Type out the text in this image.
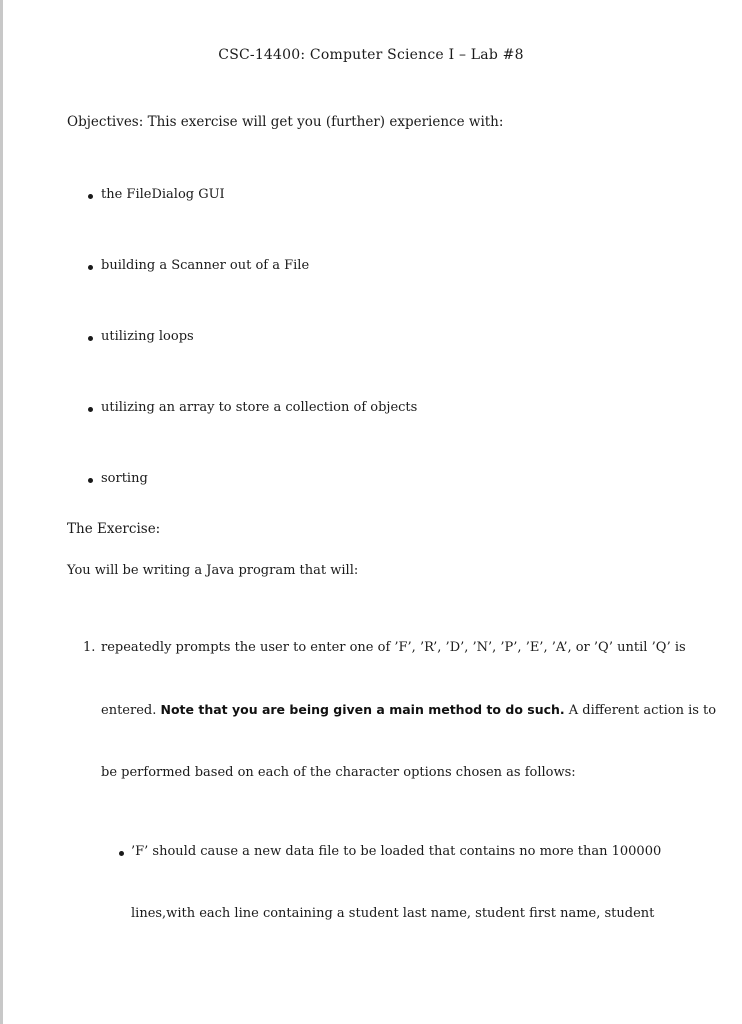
CSC-14400: Computer Science I – Lab #8
Objectives: This exercise will get you (further) experience with:
the FileDialog GUI
building a Scanner out of a File
utilizing loops
utilizing an array to store a collection of objects
sorting
The Exercise:
You will be writing a Java program that will:
1. repeatedly prompts the user to enter one of ’F’, ’R’, ’D’, ’N’, ’P’, ’E’, ’A’, or ’Q’ until ’Q’ is
entered. Note that you are being given a main method to do such. A different action is to
be performed based on each of the character options chosen as follows:
’F’ should cause a new data file to be loaded that contains no more than 100000
lines,with each line containing a student last name, student first name, student
